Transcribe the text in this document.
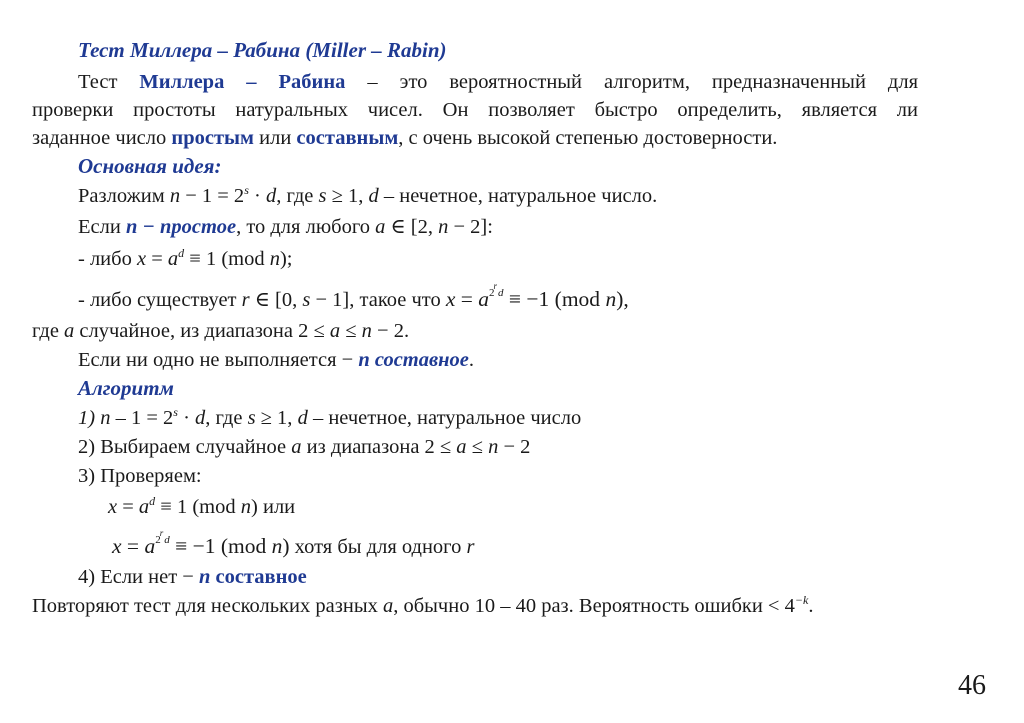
Тест Миллера – Рабина (Miller – Rabin)
Тест Миллера – Рабина – это вероятностный алгоритм, предназначенный для
проверки простоты натуральных чисел. Он позволяет быстро определить, является ли
заданное число простым или составным, с очень высокой степенью достоверности.
Основная идея:
Разложим $n - 1 = 2^s \cdot d$, где s ≥ 1, d – нечетное, натуральное число.
Если n − простое, то для любого a ∈ [2, n − 2]:
- либо $x = a^d \equiv 1$ (mod n);
- либо существует r ∈ [0, s − 1], такое что $x = a^{2rd} \equiv -1$ (mod n),
где a случайное, из диапазона 2 ≤ a ≤ n − 2.
Если ни одно не выполняется − n составное.
Алгоритм
1) $n - 1 = 2^s \cdot d$, где s ≥ 1, d – нечетное, натуральное число
2) Выбираем случайное a из диапазона 2 ≤ a ≤ n − 2
3) Проверяем:
$x = a^d \equiv 1$ (mod n) или
$x = a^{2rd} \equiv -1$ (mod n) хотя бы для одного r
4) Если нет − n составное
Повторяют тест для нескольких разных a, обычно 10 – 40 раз. Вероятность ошибки < $4^{-k}$.
46
